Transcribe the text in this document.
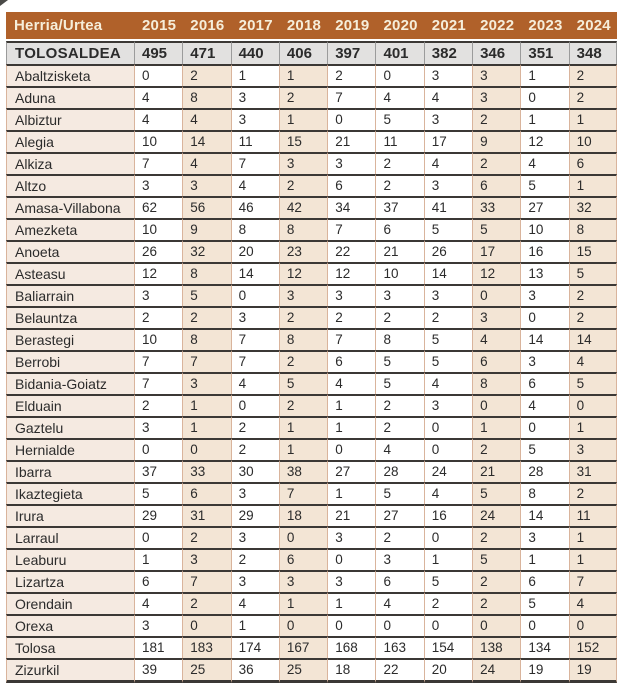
Herria/Urtea	2015	2016	2017	2018	2019	2020	2021	2022	2023	2024
TOLOSALDEA	495	471	440	406	397	401	382	346	351	348
Abaltzisketa	0	2	1	1	2	0	3	3	1	2
Aduna	4	8	3	2	7	4	4	3	0	2
Albiztur	4	4	3	1	0	5	3	2	1	1
Alegia	10	14	11	15	21	11	17	9	12	10
Alkiza	7	4	7	3	3	2	4	2	4	6
Altzo	3	3	4	2	6	2	3	6	5	1
Amasa-Villabona	62	56	46	42	34	37	41	33	27	32
Amezketa	10	9	8	8	7	6	5	5	10	8
Anoeta	26	32	20	23	22	21	26	17	16	15
Asteasu	12	8	14	12	12	10	14	12	13	5
Baliarrain	3	5	0	3	3	3	3	0	3	2
Belauntza	2	2	3	2	2	2	2	3	0	2
Berastegi	10	8	7	8	7	8	5	4	14	14
Berrobi	7	7	7	2	6	5	5	6	3	4
Bidania-Goiatz	7	3	4	5	4	5	4	8	6	5
Elduain	2	1	0	2	1	2	3	0	4	0
Gaztelu	3	1	2	1	1	2	0	1	0	1
Hernialde	0	0	2	1	0	4	0	2	5	3
Ibarra	37	33	30	38	27	28	24	21	28	31
Ikaztegieta	5	6	3	7	1	5	4	5	8	2
Irura	29	31	29	18	21	27	16	24	14	11
Larraul	0	2	3	0	3	2	0	2	3	1
Leaburu	1	3	2	6	0	3	1	5	1	1
Lizartza	6	7	3	3	3	6	5	2	6	7
Orendain	4	2	4	1	1	4	2	2	5	4
Orexa	3	0	1	0	0	0	0	0	0	0
Tolosa	181	183	174	167	168	163	154	138	134	152
Zizurkil	39	25	36	25	18	22	20	24	19	19
